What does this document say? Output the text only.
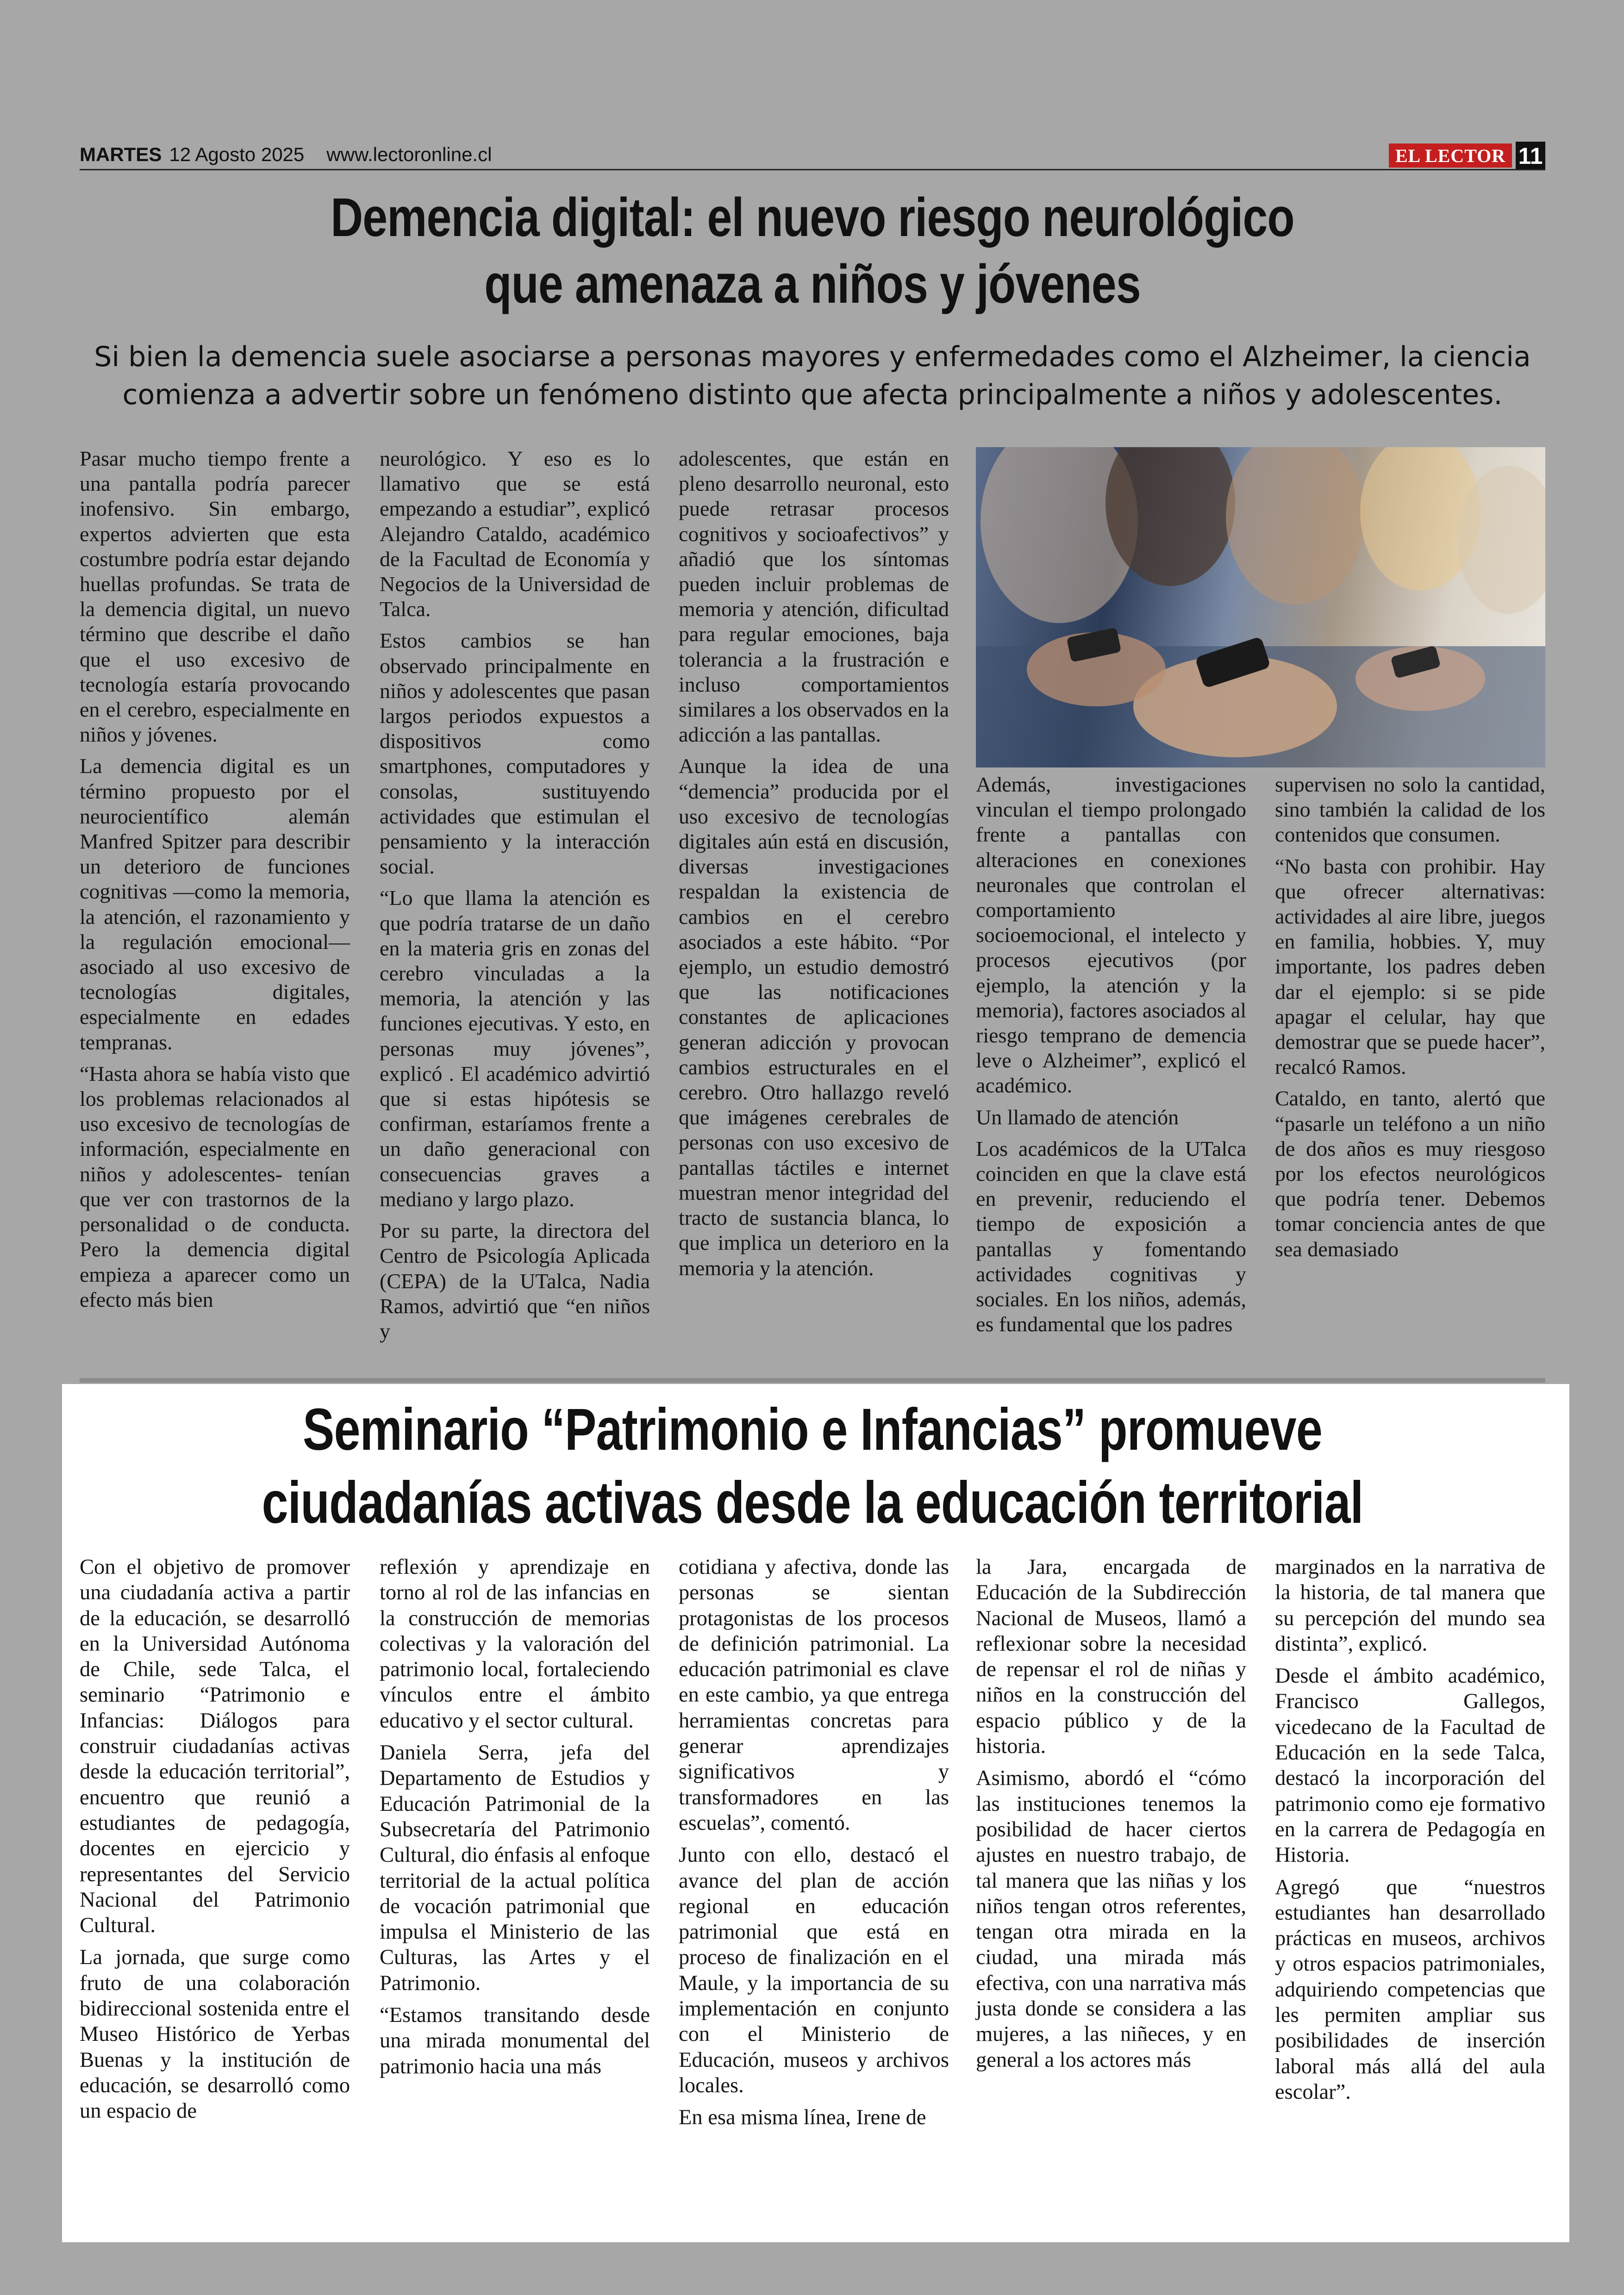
MARTES 12 Agosto 2025 www.lectoronline.cl	EL LECTOR 11
Demencia digital: el nuevo riesgo neurológico
que amenaza a niños y jóvenes

Si bien la demencia suele asociarse a personas mayores y enfermedades como el Alzheimer, la ciencia
comienza a advertir sobre un fenómeno distinto que afecta principalmente a niños y adolescentes.

Pasar mucho tiempo frente a una pantalla podría parecer inofensivo. Sin embargo, expertos advierten que esta costumbre podría estar dejando huellas profundas. Se trata de la demencia digital, un nuevo término que describe el daño que el uso excesivo de tecnología estaría provocando en el cerebro, especialmente en niños y jóvenes.

La demencia digital es un término propuesto por el neurocientífico alemán Manfred Spitzer para describir un deterioro de funciones cognitivas —como la memoria, la atención, el razonamiento y la regulación emocional— asociado al uso excesivo de tecnologías digitales, especialmente en edades tempranas.

“Hasta ahora se había visto que los problemas relacionados al uso excesivo de tecnologías de información, especialmente en niños y adolescentes- tenían que ver con trastornos de la personalidad o de conducta. Pero la demencia digital empieza a aparecer como un efecto más bien

neurológico. Y eso es lo llamativo que se está empezando a estudiar”, explicó Alejandro Cataldo, académico de la Facultad de Economía y Negocios de la Universidad de Talca.

Estos cambios se han observado principalmente en niños y adolescentes que pasan largos periodos expuestos a dispositivos como smartphones, computadores y consolas, sustituyendo actividades que estimulan el pensamiento y la interacción social.

“Lo que llama la atención es que podría tratarse de un daño en la materia gris en zonas del cerebro vinculadas a la memoria, la atención y las funciones ejecutivas. Y esto, en personas muy jóvenes”, explicó . El académico advirtió que si estas hipótesis se confirman, estaríamos frente a un daño generacional con consecuencias graves a mediano y largo plazo.

Por su parte, la directora del Centro de Psicología Aplicada (CEPA) de la UTalca, Nadia Ramos, advirtió que “en niños y

adolescentes, que están en pleno desarrollo neuronal, esto puede retrasar procesos cognitivos y socioafectivos” y añadió que los síntomas pueden incluir problemas de memoria y atención, dificultad para regular emociones, baja tolerancia a la frustración e incluso comportamientos similares a los observados en la adicción a las pantallas.

Aunque la idea de una “demencia” producida por el uso excesivo de tecnologías digitales aún está en discusión, diversas investigaciones respaldan la existencia de cambios en el cerebro asociados a este hábito. “Por ejemplo, un estudio demostró que las notificaciones constantes de aplicaciones generan adicción y provocan cambios estructurales en el cerebro. Otro hallazgo reveló que imágenes cerebrales de personas con uso excesivo de pantallas táctiles e internet muestran menor integridad del tracto de sustancia blanca, lo que implica un deterioro en la memoria y la atención.

Además, investigaciones vinculan el tiempo prolongado frente a pantallas con alteraciones en conexiones neuronales que controlan el comportamiento socioemocional, el intelecto y procesos ejecutivos (por ejemplo, la atención y la memoria), factores asociados al riesgo temprano de demencia leve o Alzheimer”, explicó el académico.

Un llamado de atención

Los académicos de la UTalca coinciden en que la clave está en prevenir, reduciendo el tiempo de exposición a pantallas y fomentando actividades cognitivas y sociales. En los niños, además, es fundamental que los padres

supervisen no solo la cantidad, sino también la calidad de los contenidos que consumen.

“No basta con prohibir. Hay que ofrecer alternativas: actividades al aire libre, juegos en familia, hobbies. Y, muy importante, los padres deben dar el ejemplo: si se pide apagar el celular, hay que demostrar que se puede hacer”, recalcó Ramos.

Cataldo, en tanto, alertó que “pasarle un teléfono a un niño de dos años es muy riesgoso por los efectos neurológicos que podría tener. Debemos tomar conciencia antes de que sea demasiado

Seminario “Patrimonio e Infancias” promueve
ciudadanías activas desde la educación territorial

Con el objetivo de promover una ciudadanía activa a partir de la educación, se desarrolló en la Universidad Autónoma de Chile, sede Talca, el seminario “Patrimonio e Infancias: Diálogos para construir ciudadanías activas desde la educación territorial”, encuentro que reunió a estudiantes de pedagogía, docentes en ejercicio y representantes del Servicio Nacional del Patrimonio Cultural.

La jornada, que surge como fruto de una colaboración bidireccional sostenida entre el Museo Histórico de Yerbas Buenas y la institución de educación, se desarrolló como un espacio de

reflexión y aprendizaje en torno al rol de las infancias en la construcción de memorias colectivas y la valoración del patrimonio local, fortaleciendo vínculos entre el ámbito educativo y el sector cultural.

Daniela Serra, jefa del Departamento de Estudios y Educación Patrimonial de la Subsecretaría del Patrimonio Cultural, dio énfasis al enfoque territorial de la actual política de vocación patrimonial que impulsa el Ministerio de las Culturas, las Artes y el Patrimonio.

“Estamos transitando desde una mirada monumental del patrimonio hacia una más

cotidiana y afectiva, donde las personas se sientan protagonistas de los procesos de definición patrimonial. La educación patrimonial es clave en este cambio, ya que entrega herramientas concretas para generar aprendizajes significativos y transformadores en las escuelas”, comentó.

Junto con ello, destacó el avance del plan de acción regional en educación patrimonial que está en proceso de finalización en el Maule, y la importancia de su implementación en conjunto con el Ministerio de Educación, museos y archivos locales.

En esa misma línea, Irene de

la Jara, encargada de Educación de la Subdirección Nacional de Museos, llamó a reflexionar sobre la necesidad de repensar el rol de niñas y niños en la construcción del espacio público y de la historia.

Asimismo, abordó el “cómo las instituciones tenemos la posibilidad de hacer ciertos ajustes en nuestro trabajo, de tal manera que las niñas y los niños tengan otros referentes, tengan otra mirada en la ciudad, una mirada más efectiva, con una narrativa más justa donde se considera a las mujeres, a las niñeces, y en general a los actores más

marginados en la narrativa de la historia, de tal manera que su percepción del mundo sea distinta”, explicó.

Desde el ámbito académico, Francisco Gallegos, vicedecano de la Facultad de Educación en la sede Talca, destacó la incorporación del patrimonio como eje formativo en la carrera de Pedagogía en Historia.

Agregó que “nuestros estudiantes han desarrollado prácticas en museos, archivos y otros espacios patrimoniales, adquiriendo competencias que les permiten ampliar sus posibilidades de inserción laboral más allá del aula escolar”.
